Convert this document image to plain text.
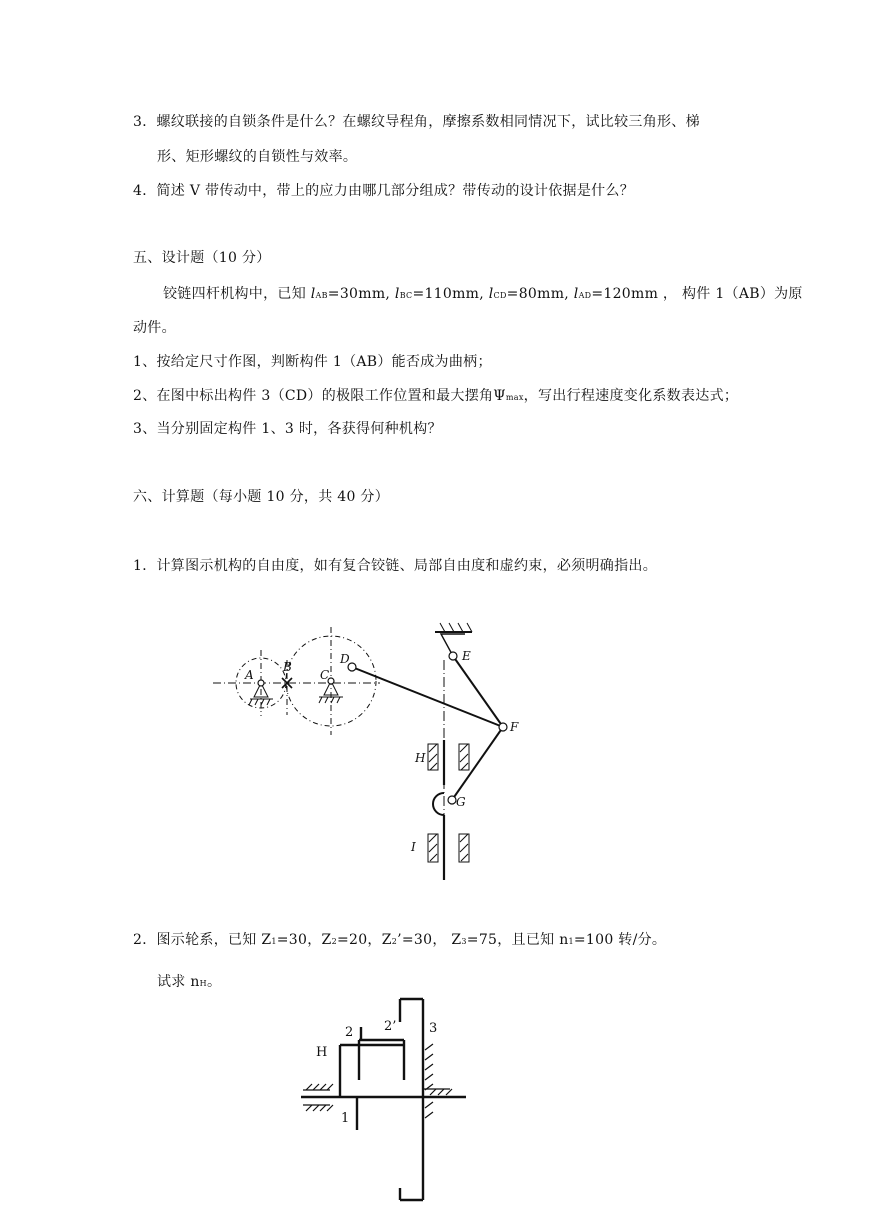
3．螺纹联接的自锁条件是什么？在螺纹导程角，摩擦系数相同情况下，试比较三角形、梯
形、矩形螺纹的自锁性与效率。
4．简述 V 带传动中，带上的应力由哪几部分组成？带传动的设计依据是什么？
五、设计题（10 分）
铰链四杆机构中，已知 lAB=30mm, lBC=110mm, lCD=80mm, lAD=120mm ， 构件 1（AB）为原
动件。
1、按给定尺寸作图，判断构件 1（AB）能否成为曲柄；
2、在图中标出构件 3（CD）的极限工作位置和最大摆角Ψmax，写出行程速度变化系数表达式；
3、当分别固定构件 1、3 时，各获得何种机构？
六、计算题（每小题 10 分，共 40 分）
1．计算图示机构的自由度，如有复合铰链、局部自由度和虚约束，必须明确指出。
A
B
C
D	E
F
G
H
I
2．图示轮系，已知 Z1=30，Z2=20，Z2’=30， Z3=75，且已知 n1=100 转/分。
试求 nH。
H
1
2 2’	3
